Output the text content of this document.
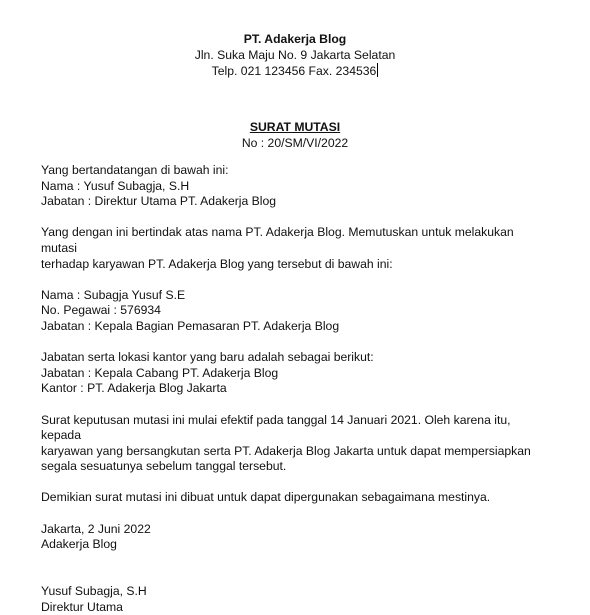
PT. Adakerja Blog
Jln. Suka Maju No. 9 Jakarta Selatan
Telp. 021 123456 Fax. 234536
SURAT MUTASI
No : 20/SM/VI/2022

Yang bertandatangan di bawah ini:

Nama : Yusuf Subagja, S.H

Jabatan : Direktur Utama PT. Adakerja Blog

Yang dengan ini bertindak atas nama PT. Adakerja Blog. Memutuskan untuk melakukan mutasi

terhadap karyawan PT. Adakerja Blog yang tersebut di bawah ini:

Nama : Subagja Yusuf S.E

No. Pegawai : 576934

Jabatan : Kepala Bagian Pemasaran PT. Adakerja Blog

Jabatan serta lokasi kantor yang baru adalah sebagai berikut:

Jabatan : Kepala Cabang PT. Adakerja Blog

Kantor : PT. Adakerja Blog Jakarta

Surat keputusan mutasi ini mulai efektif pada tanggal 14 Januari 2021. Oleh karena itu, kepada

karyawan yang bersangkutan serta PT. Adakerja Blog Jakarta untuk dapat mempersiapkan

segala sesuatunya sebelum tanggal tersebut.

Demikian surat mutasi ini dibuat untuk dapat dipergunakan sebagaimana mestinya.

Jakarta, 2 Juni 2022

Adakerja Blog

Yusuf Subagja, S.H

Direktur Utama
